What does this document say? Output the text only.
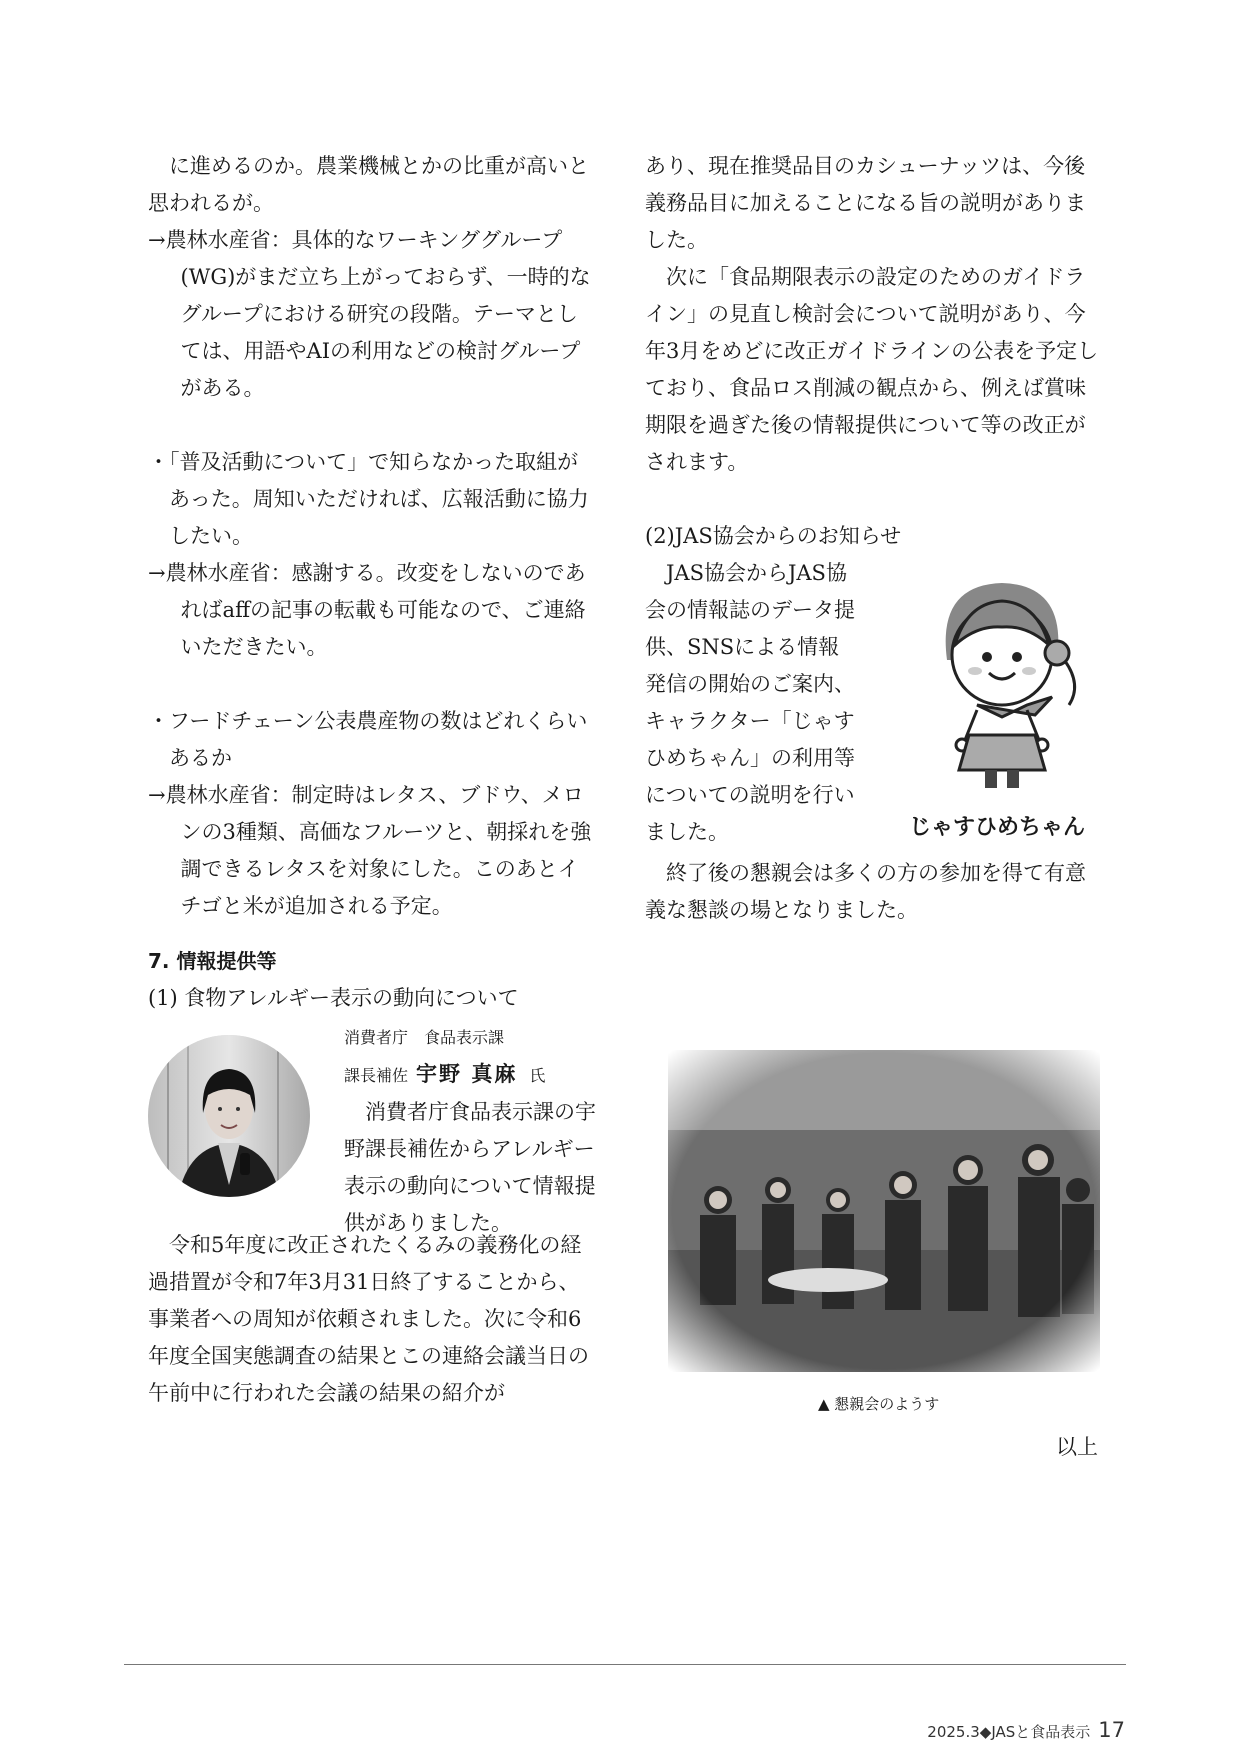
に進めるのか。農業機械とかの比重が高いと思われるが。

→農林水産省：具体的なワーキンググループ(WG)がまだ立ち上がっておらず、一時的なグループにおける研究の段階。テーマとしては、用語やAIの利用などの検討グループがある。

・「普及活動について」で知らなかった取組があった。周知いただければ、広報活動に協力したい。

→農林水産省：感謝する。改変をしないのであればaffの記事の転載も可能なので、ご連絡いただきたい。

・フードチェーン公表農産物の数はどれくらいあるか

→農林水産省：制定時はレタス、ブドウ、メロンの3種類、高価なフルーツと、朝採れを強調できるレタスを対象にした。このあとイチゴと米が追加される予定。

7. 情報提供等

(1) 食物アレルギー表示の動向について

消費者庁　食品表示課

課長補佐 宇野 真麻 氏

消費者庁食品表示課の宇野課長補佐からアレルギー表示の動向について情報提供がありました。

令和5年度に改正されたくるみの義務化の経過措置が令和7年3月31日終了することから、事業者への周知が依頼されました。次に令和6年度全国実態調査の結果とこの連絡会議当日の午前中に行われた会議の結果の紹介が

あり、現在推奨品目のカシューナッツは、今後義務品目に加えることになる旨の説明がありました。

次に「食品期限表示の設定のためのガイドライン」の見直し検討会について説明があり、今年3月をめどに改正ガイドラインの公表を予定しており、食品ロス削減の観点から、例えば賞味期限を過ぎた後の情報提供について等の改正がされます。

(2)JAS協会からのお知らせ

JAS協会からJAS協会の情報誌のデータ提供、SNSによる情報発信の開始のご案内、キャラクター「じゃすひめちゃん」の利用等についての説明を行いました。	じゃすひめちゃん

終了後の懇親会は多くの方の参加を得て有意義な懇談の場となりました。

▲ 懇親会のようす
以上
2025.3◆JASと食品表示 17
